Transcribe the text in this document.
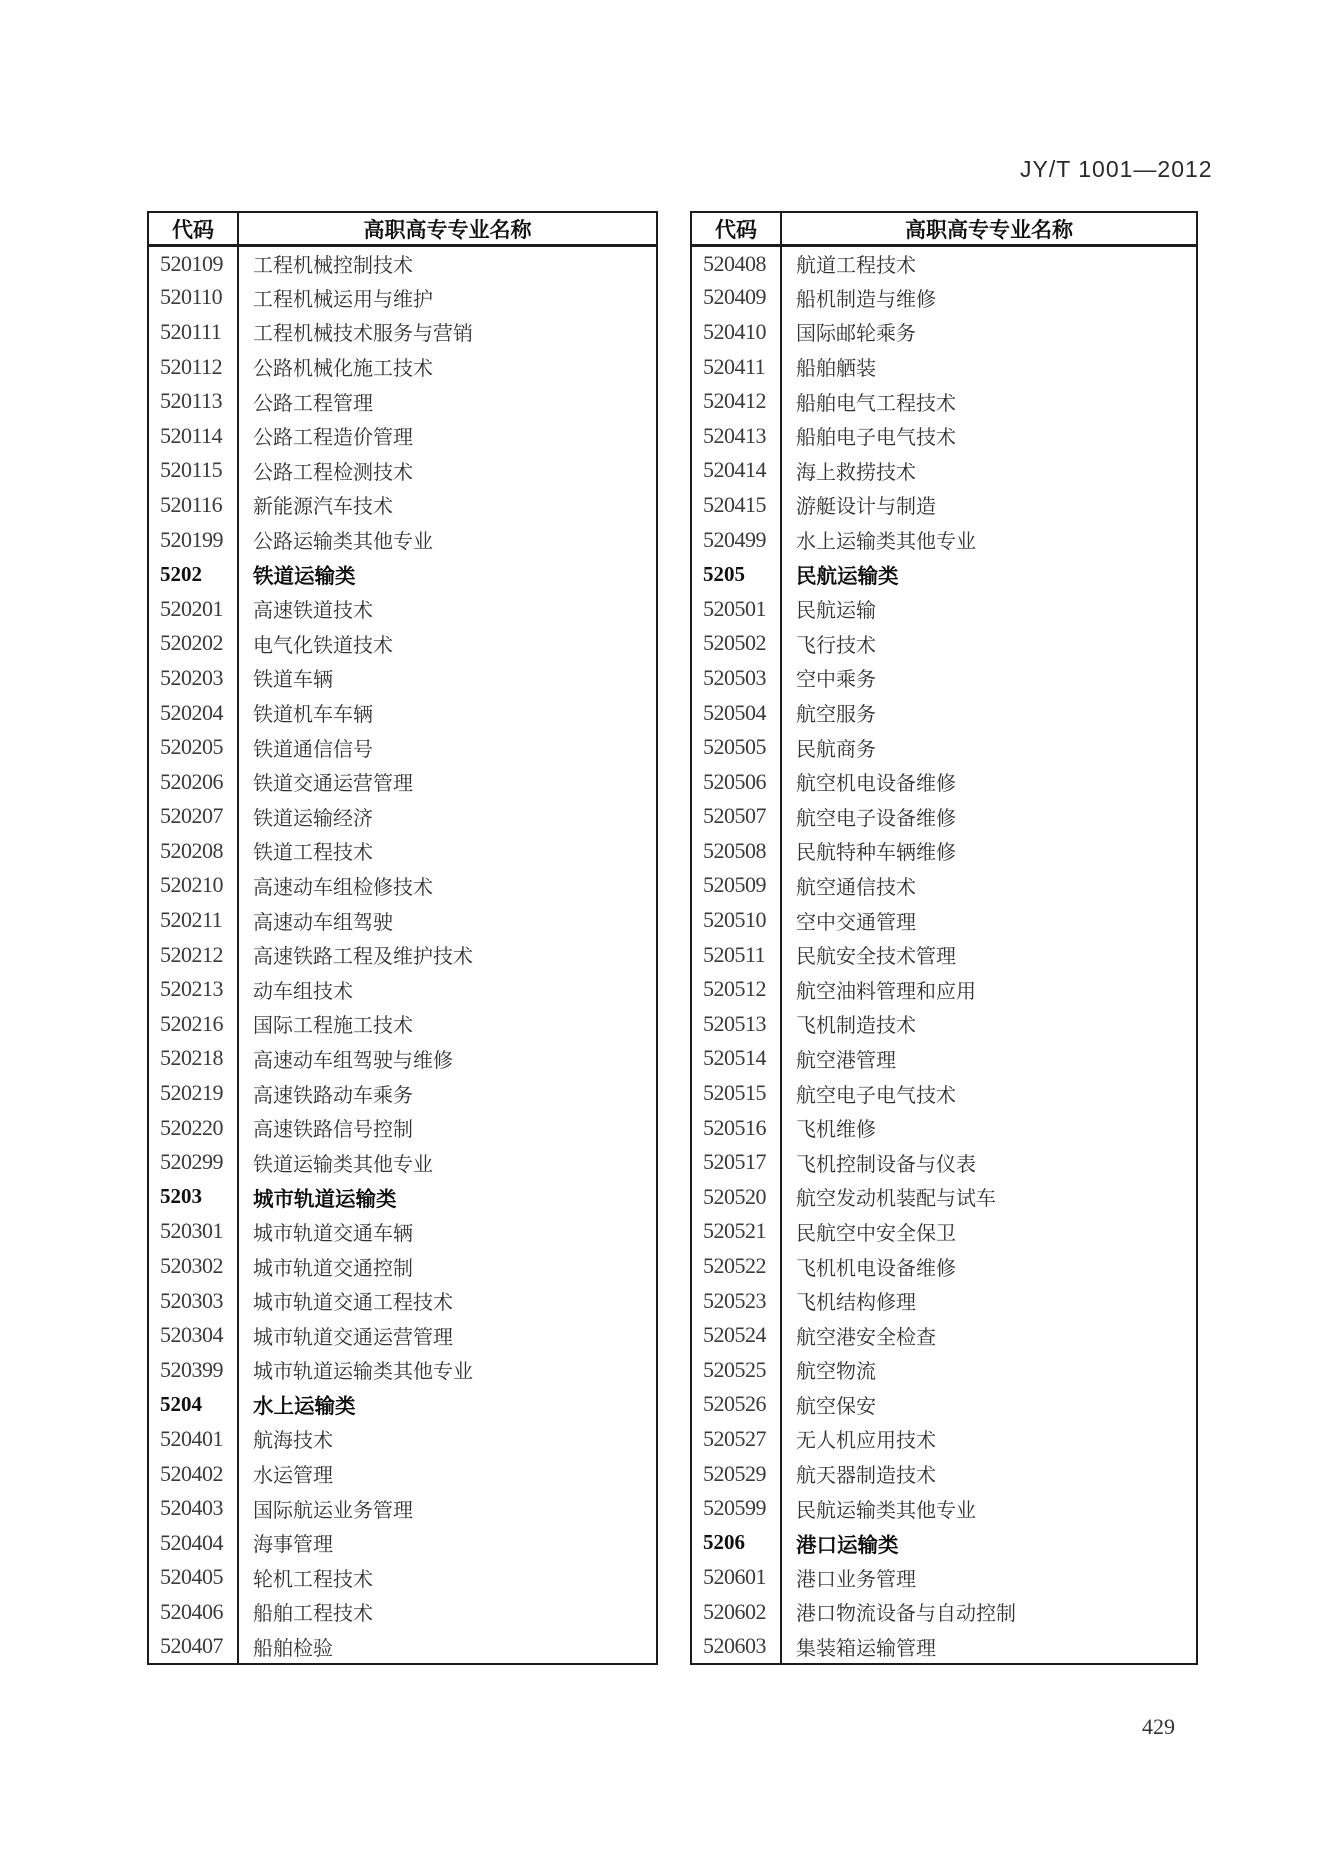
JY/T 1001—2012
代码	高职高专专业名称
520109	工程机械控制技术
520110	工程机械运用与维护
520111	工程机械技术服务与营销
520112	公路机械化施工技术
520113	公路工程管理
520114	公路工程造价管理
520115	公路工程检测技术
520116	新能源汽车技术
520199	公路运输类其他专业
5202	铁道运输类
520201	高速铁道技术
520202	电气化铁道技术
520203	铁道车辆
520204	铁道机车车辆
520205	铁道通信信号
520206	铁道交通运营管理
520207	铁道运输经济
520208	铁道工程技术
520210	高速动车组检修技术
520211	高速动车组驾驶
520212	高速铁路工程及维护技术
520213	动车组技术
520216	国际工程施工技术
520218	高速动车组驾驶与维修
520219	高速铁路动车乘务
520220	高速铁路信号控制
520299	铁道运输类其他专业
5203	城市轨道运输类
520301	城市轨道交通车辆
520302	城市轨道交通控制
520303	城市轨道交通工程技术
520304	城市轨道交通运营管理
520399	城市轨道运输类其他专业
5204	水上运输类
520401	航海技术
520402	水运管理
520403	国际航运业务管理
520404	海事管理
520405	轮机工程技术
520406	船舶工程技术
520407	船舶检验
代码	高职高专专业名称
520408	航道工程技术
520409	船机制造与维修
520410	国际邮轮乘务
520411	船舶舾装
520412	船舶电气工程技术
520413	船舶电子电气技术
520414	海上救捞技术
520415	游艇设计与制造
520499	水上运输类其他专业
5205	民航运输类
520501	民航运输
520502	飞行技术
520503	空中乘务
520504	航空服务
520505	民航商务
520506	航空机电设备维修
520507	航空电子设备维修
520508	民航特种车辆维修
520509	航空通信技术
520510	空中交通管理
520511	民航安全技术管理
520512	航空油料管理和应用
520513	飞机制造技术
520514	航空港管理
520515	航空电子电气技术
520516	飞机维修
520517	飞机控制设备与仪表
520520	航空发动机装配与试车
520521	民航空中安全保卫
520522	飞机机电设备维修
520523	飞机结构修理
520524	航空港安全检查
520525	航空物流
520526	航空保安
520527	无人机应用技术
520529	航天器制造技术
520599	民航运输类其他专业
5206	港口运输类
520601	港口业务管理
520602	港口物流设备与自动控制
520603	集装箱运输管理
429
